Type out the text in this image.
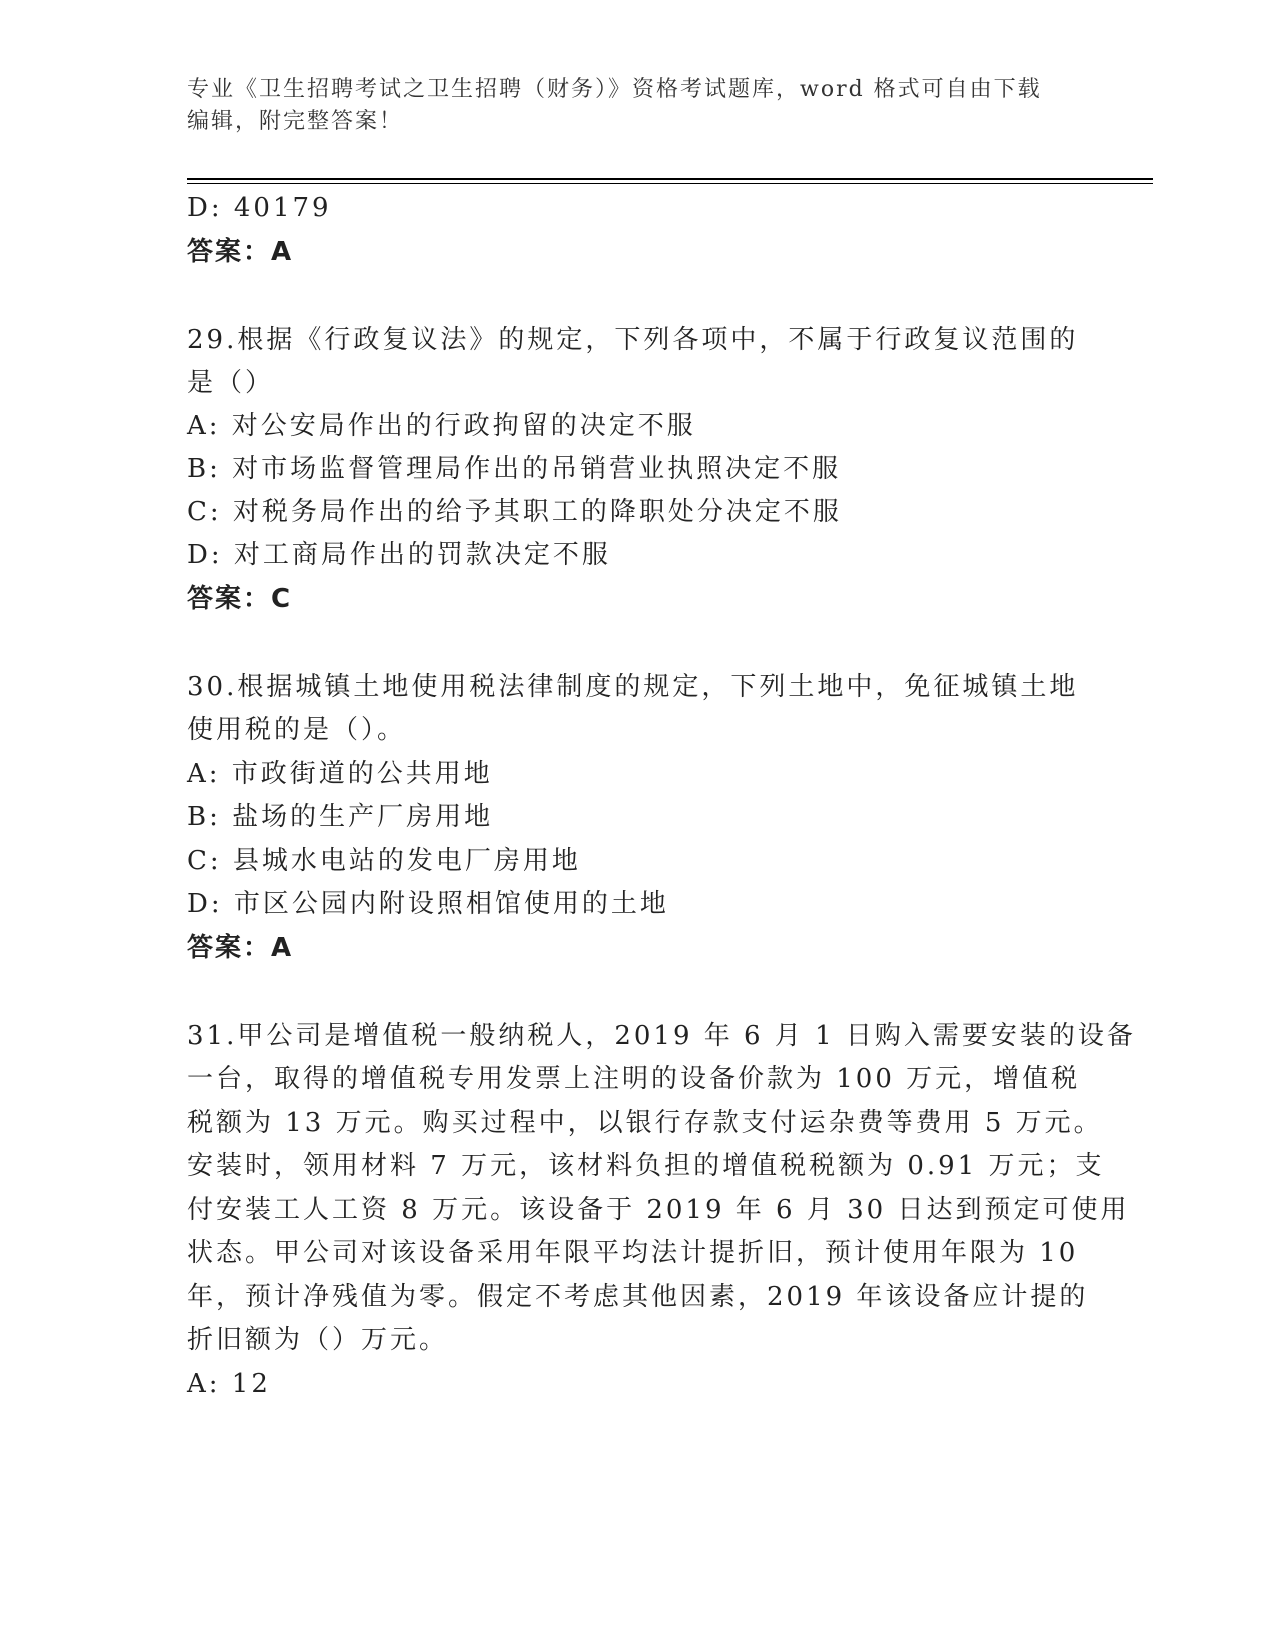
专业《卫生招聘考试之卫生招聘（财务）》资格考试题库，word 格式可自由下载
编辑，附完整答案！
D: 40179
答案：A
29.根据《行政复议法》的规定，下列各项中，不属于行政复议范围的
是（）
A: 对公安局作出的行政拘留的决定不服
B: 对市场监督管理局作出的吊销营业执照决定不服
C: 对税务局作出的给予其职工的降职处分决定不服
D: 对工商局作出的罚款决定不服
答案：C
30.根据城镇土地使用税法律制度的规定，下列土地中，免征城镇土地
使用税的是（）。
A: 市政街道的公共用地
B: 盐场的生产厂房用地
C: 县城水电站的发电厂房用地
D: 市区公园内附设照相馆使用的土地
答案：A
31.甲公司是增值税一般纳税人，2019 年 6 月 1 日购入需要安装的设备
一台，取得的增值税专用发票上注明的设备价款为 100 万元，增值税
税额为 13 万元。购买过程中，以银行存款支付运杂费等费用 5 万元。
安装时，领用材料 7 万元，该材料负担的增值税税额为 0.91 万元；支
付安装工人工资 8 万元。该设备于 2019 年 6 月 30 日达到预定可使用
状态。甲公司对该设备采用年限平均法计提折旧，预计使用年限为 10
年，预计净残值为零。假定不考虑其他因素，2019 年该设备应计提的
折旧额为（）万元。
A: 12
